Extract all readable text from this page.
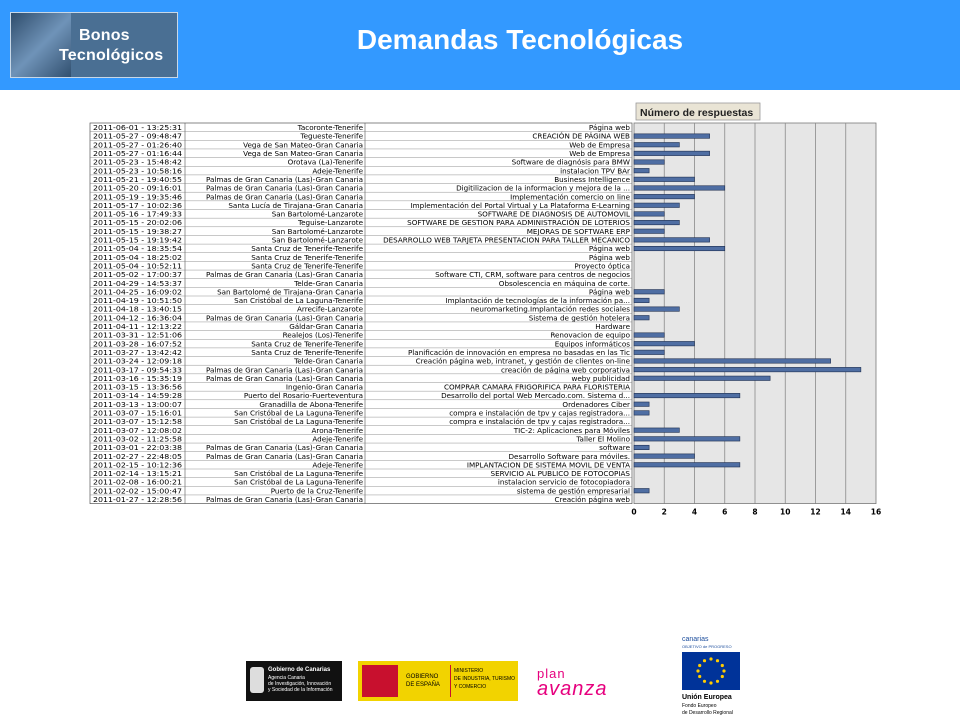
Bonos
Tecnológicos
Demandas Tecnológicas
Número de respuestas
2011-06-01 - 13:25:31	Tacoronte-Tenerife	Página web
2011-05-27 - 09:48:47	Tegueste-Tenerife	CREACIÓN DE PÁGINA WEB
2011-05-27 - 01:26:40	Vega de San Mateo-Gran Canaria	Web de Empresa
2011-05-27 - 01:16:44	Vega de San Mateo-Gran Canaria	Web de Empresa
2011-05-23 - 15:48:42	Orotava (La)-Tenerife	Software de diagnósis para BMW
2011-05-23 - 10:58:16	Adeje-Tenerife	instalacion TPV BAr
2011-05-21 - 19:40:55	Palmas de Gran Canaria (Las)-Gran Canaria	Business Intelligence
2011-05-20 - 09:16:01	Palmas de Gran Canaria (Las)-Gran Canaria	Digitilizacion de la informacion y mejora de la ...
2011-05-19 - 19:35:46	Palmas de Gran Canaria (Las)-Gran Canaria	Implementación comercio on line
2011-05-17 - 10:02:36	Santa Lucía de Tirajana-Gran Canaria	Implementación del Portal Virtual y La Plataforma E-Learning
2011-05-16 - 17:49:33	San Bartolomé-Lanzarote	SOFTWARE DE DIAGNOSIS DE AUTOMOVIL
2011-05-15 - 20:02:06	Teguise-Lanzarote	SOFTWARE DE GESTION PARA ADMINISTRACIÓN DE LOTERIOS
2011-05-15 - 19:38:27	San Bartolomé-Lanzarote	MEJORAS DE SOFTWARE ERP
2011-05-15 - 19:19:42	San Bartolomé-Lanzarote	DESARROLLO WEB TARJETA PRESENTACION PARA TALLER MECANICO
2011-05-04 - 18:35:54	Santa Cruz de Tenerife-Tenerife	Página web
2011-05-04 - 18:25:02	Santa Cruz de Tenerife-Tenerife	Página web
2011-05-04 - 10:52:11	Santa Cruz de Tenerife-Tenerife	Proyecto óptica
2011-05-02 - 17:00:37	Palmas de Gran Canaria (Las)-Gran Canaria	Software CTI, CRM, software para centros de negocios
2011-04-29 - 14:53:37	Telde-Gran Canaria	Obsolescencia en máquina de corte.
2011-04-25 - 16:09:02	San Bartolomé de Tirajana-Gran Canaria	Página web
2011-04-19 - 10:51:50	San Cristóbal de La Laguna-Tenerife	Implantación de tecnologías de la información pa...
2011-04-18 - 13:40:15	Arrecife-Lanzarote	neuromarketing.Implantación redes sociales
2011-04-12 - 16:36:04	Palmas de Gran Canaria (Las)-Gran Canaria	Sistema de gestión hotelera
2011-04-11 - 12:13:22	Gáldar-Gran Canaria	Hardware
2011-03-31 - 12:51:06	Realejos (Los)-Tenerife	Renovacion de equipo
2011-03-28 - 16:07:52	Santa Cruz de Tenerife-Tenerife	Equipos informáticos
2011-03-27 - 13:42:42	Santa Cruz de Tenerife-Tenerife	Planificación de innovación en empresa no basadas en las Tic
2011-03-24 - 12:09:18	Telde-Gran Canaria	Creación página web, intranet, y gestión de clientes on-line
2011-03-17 - 09:54:33	Palmas de Gran Canaria (Las)-Gran Canaria	creación de página web corporativa
2011-03-16 - 15:35:19	Palmas de Gran Canaria (Las)-Gran Canaria	weby publicidad
2011-03-15 - 13:36:56	Ingenio-Gran Canaria	COMPRAR CAMARA FRIGORIFICA PARA FLORISTERIA
2011-03-14 - 14:59:28	Puerto del Rosario-Fuerteventura	Desarrollo del portal Web Mercado.com. Sistema d...
2011-03-13 - 13:00:07	Granadilla de Abona-Tenerife	Ordenadores Ciber
2011-03-07 - 15:16:01	San Cristóbal de La Laguna-Tenerife	compra e instalación de tpv y cajas registradora...
2011-03-07 - 15:12:58	San Cristóbal de La Laguna-Tenerife	compra e instalación de tpv y cajas registradora...
2011-03-07 - 12:08:02	Arona-Tenerife	TIC-2: Aplicaciones para Móviles
2011-03-02 - 11:25:58	Adeje-Tenerife	Taller El Molino
2011-03-01 - 22:03:38	Palmas de Gran Canaria (Las)-Gran Canaria	software
2011-02-27 - 22:48:05	Palmas de Gran Canaria (Las)-Gran Canaria	Desarrollo Software para móviles.
2011-02-15 - 10:12:36	Adeje-Tenerife	IMPLANTACION DE SISTEMA MOVIL DE VENTA
2011-02-14 - 13:15:21	San Cristóbal de La Laguna-Tenerife	SERVICIO AL PUBLICO DE FOTOCOPIAS
2011-02-08 - 16:00:21	San Cristóbal de La Laguna-Tenerife	instalacion servicio de fotocopiadora
2011-02-02 - 15:00:47	Puerto de la Cruz-Tenerife	sistema de gestión empresarial
2011-01-27 - 12:28:56	Palmas de Gran Canaria (Las)-Gran Canaria	Creación página web
0	2	4	6	8	10	12	14	16
Gobierno de Canarias
Agencia Canaria
de Investigación, Innovación
y Sociedad de la Información
GOBIERNO
DE ESPAÑA
MINISTERIO
DE INDUSTRIA, TURISMO
Y COMERCIO
plan
avanza
canarias
OBJETIVO de PROGRESO
Unión Europea
Fondo Europeo
de Desarrollo Regional
